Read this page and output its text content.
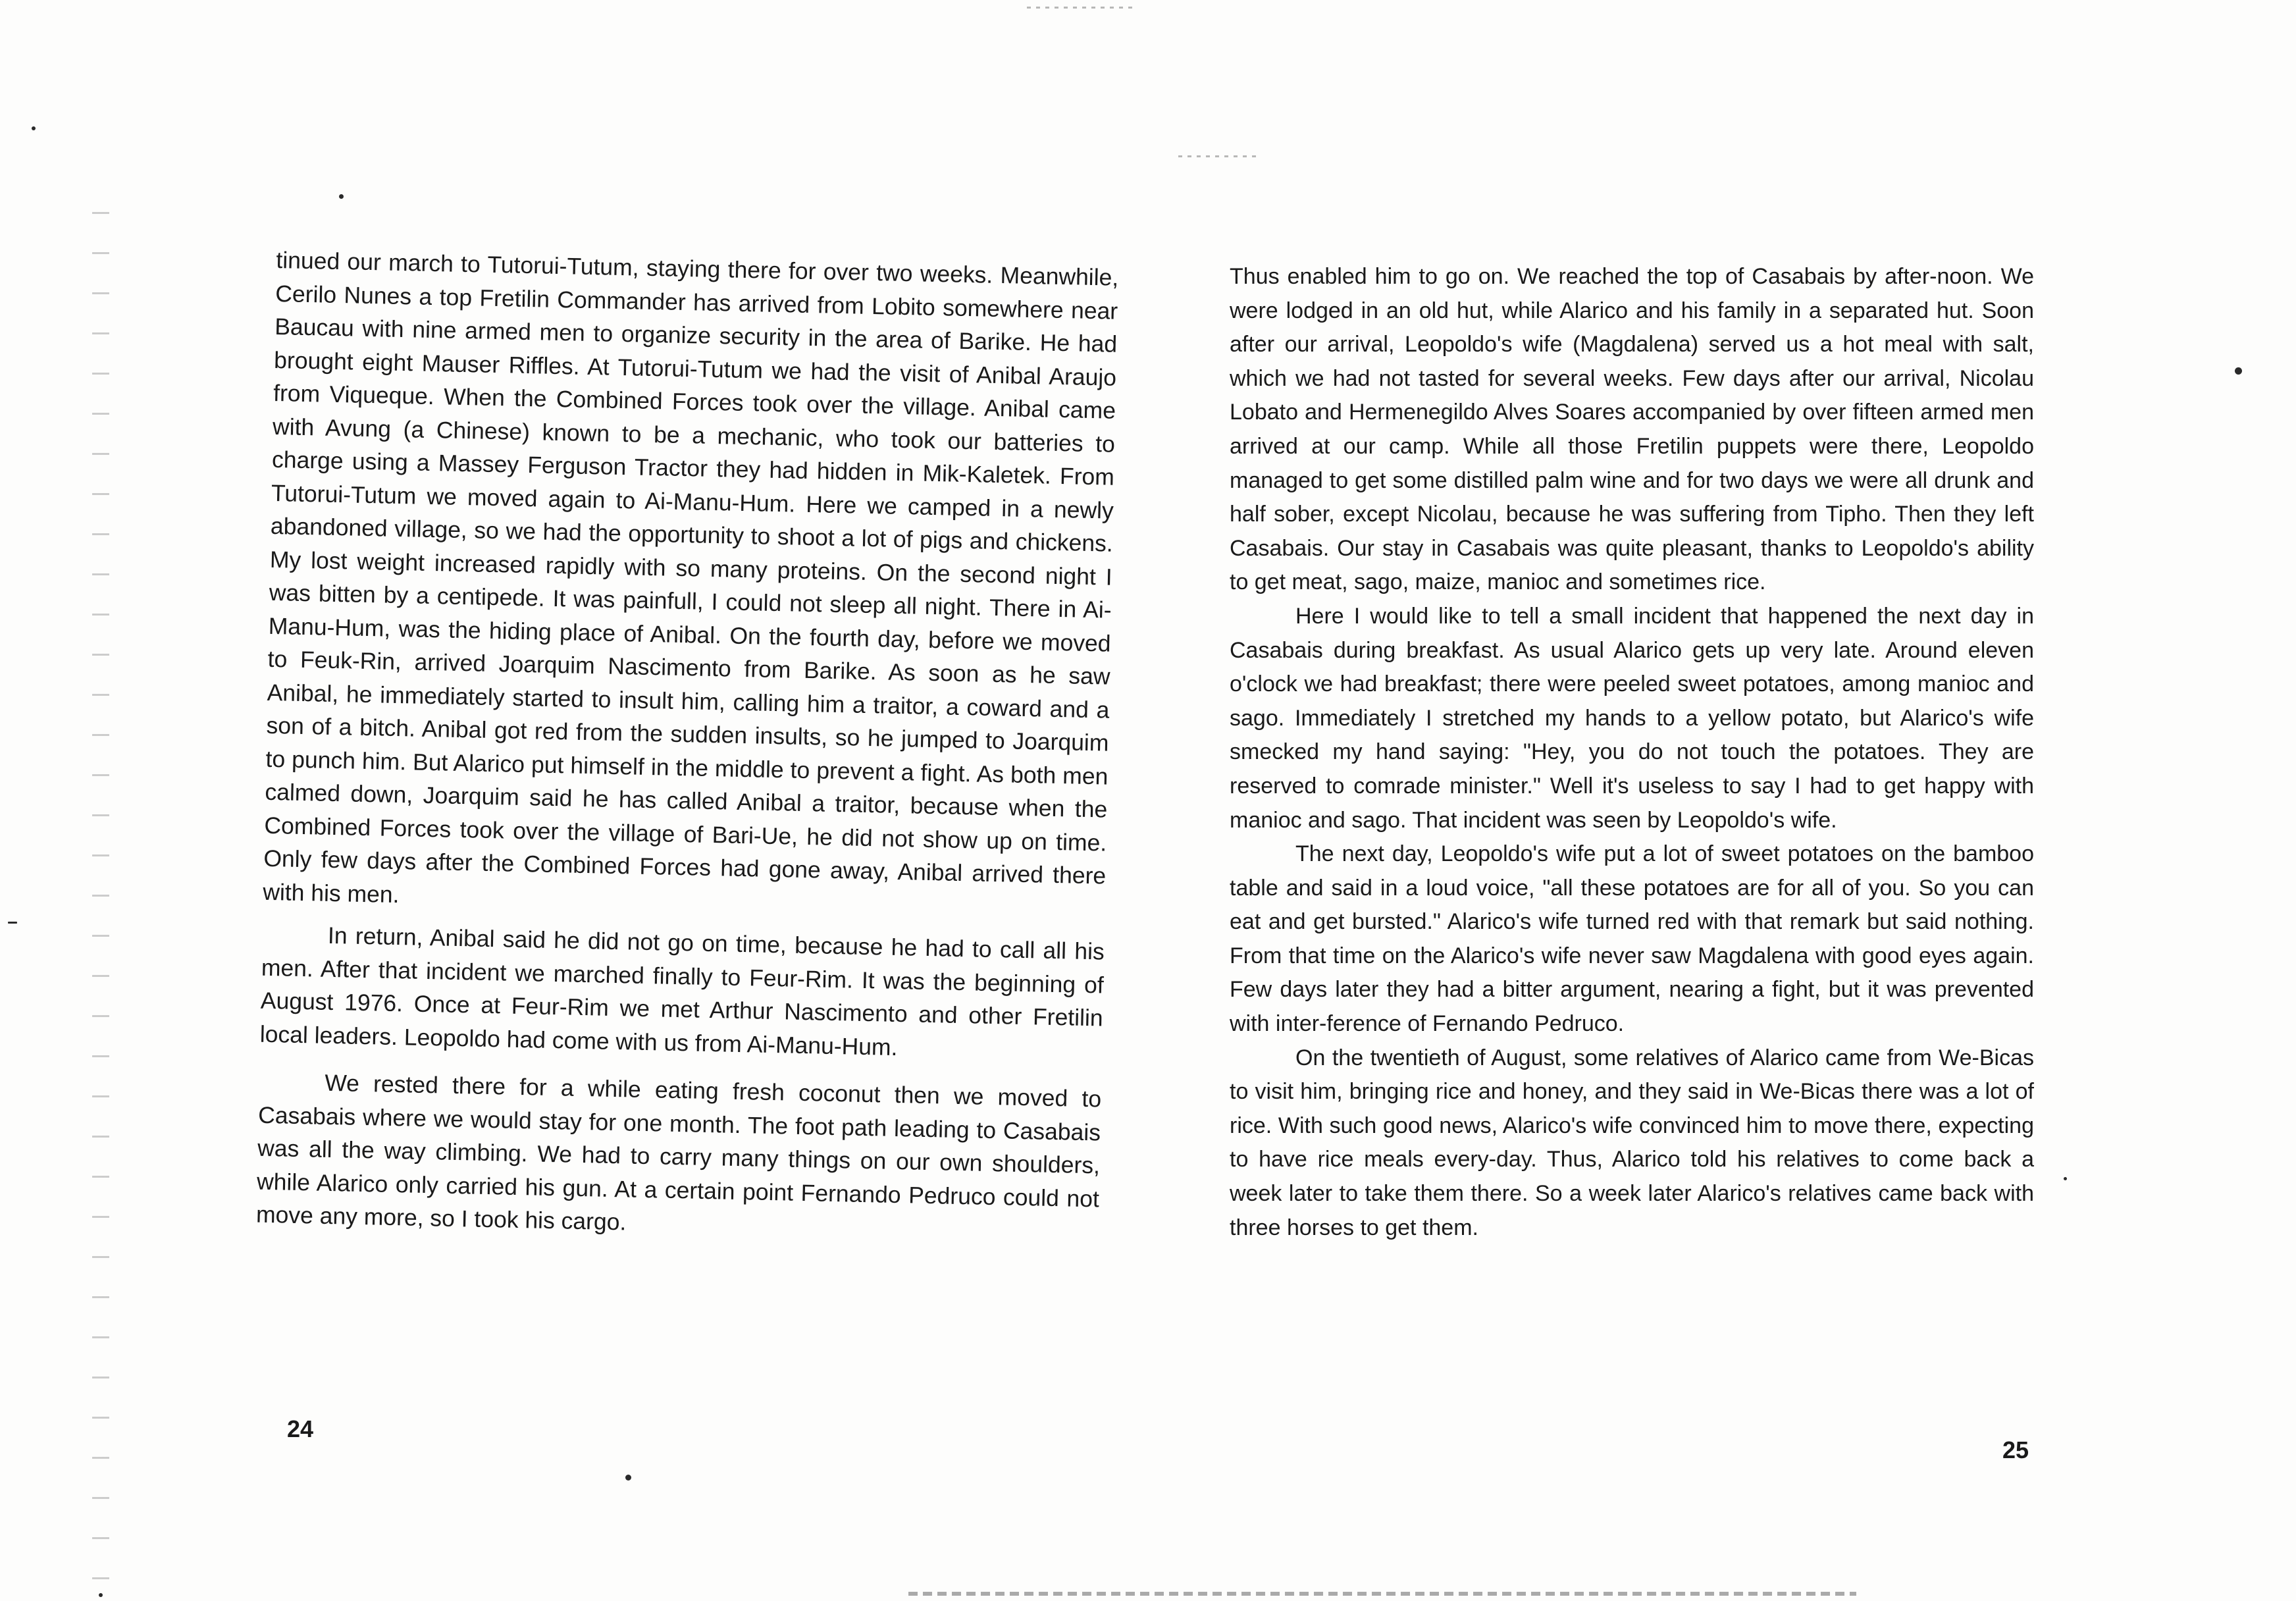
tinued our march to Tutorui-Tutum, staying there for over two weeks. Meanwhile, Cerilo Nunes a top Fretilin Commander has arrived from Lobito somewhere near Baucau with nine armed men to organize security in the area of Barike. He had brought eight Mauser Riffles. At Tutorui-Tutum we had the visit of Anibal Araujo from Viqueque. When the Combined Forces took over the village. Anibal came with Avung (a Chinese) known to be a mechanic, who took our batteries to charge using a Massey Ferguson Tractor they had hidden in Mik-Kaletek. From Tutorui-Tutum we moved again to Ai-Manu-Hum. Here we camped in a newly abandoned village, so we had the opportunity to shoot a lot of pigs and chickens. My lost weight increased rapidly with so many proteins. On the second night I was bitten by a centipede. It was painfull, I could not sleep all night. There in Ai-Manu-Hum, was the hiding place of Anibal. On the fourth day, before we moved to Feuk-Rin, arrived Joarquim Nascimento from Barike. As soon as he saw Anibal, he immediately started to insult him, calling him a traitor, a coward and a son of a bitch. Anibal got red from the sudden insults, so he jumped to Joarquim to punch him. But Alarico put himself in the middle to prevent a fight. As both men calmed down, Joarquim said he has called Anibal a traitor, because when the Combined Forces took over the village of Bari-Ue, he did not show up on time. Only few days after the Combined Forces had gone away, Anibal arrived there with his men.

In return, Anibal said he did not go on time, because he had to call all his men. After that incident we marched finally to Feur-Rim. It was the beginning of August 1976. Once at Feur-Rim we met Arthur Nascimento and other Fretilin local leaders. Leopoldo had come with us from Ai-Manu-Hum.

We rested there for a while eating fresh coconut then we moved to Casabais where we would stay for one month. The foot path leading to Casabais was all the way climbing. We had to carry many things on our own shoulders, while Alarico only carried his gun. At a certain point Fernando Pedruco could not move any more, so I took his cargo.

24

Thus enabled him to go on. We reached the top of Casabais by after-noon. We were lodged in an old hut, while Alarico and his family in a separated hut. Soon after our arrival, Leopoldo's wife (Magdalena) served us a hot meal with salt, which we had not tasted for several weeks. Few days after our arrival, Nicolau Lobato and Hermenegildo Alves Soares accompanied by over fifteen armed men arrived at our camp. While all those Fretilin puppets were there, Leopoldo managed to get some distilled palm wine and for two days we were all drunk and half sober, except Nicolau, because he was suffering from Tipho. Then they left Casabais. Our stay in Casabais was quite pleasant, thanks to Leopoldo's ability to get meat, sago, maize, manioc and sometimes rice.

Here I would like to tell a small incident that happened the next day in Casabais during breakfast. As usual Alarico gets up very late. Around eleven o'clock we had breakfast; there were peeled sweet potatoes, among manioc and sago. Immediately I stretched my hands to a yellow potato, but Alarico's wife smecked my hand saying: "Hey, you do not touch the potatoes. They are reserved to comrade minister." Well it's useless to say I had to get happy with manioc and sago. That incident was seen by Leopoldo's wife.

The next day, Leopoldo's wife put a lot of sweet potatoes on the bamboo table and said in a loud voice, "all these potatoes are for all of you. So you can eat and get bursted." Alarico's wife turned red with that remark but said nothing. From that time on the Alarico's wife never saw Magdalena with good eyes again. Few days later they had a bitter argument, nearing a fight, but it was prevented with inter-ference of Fernando Pedruco.

On the twentieth of August, some relatives of Alarico came from We-Bicas to visit him, bringing rice and honey, and they said in We-Bicas there was a lot of rice. With such good news, Alarico's wife convinced him to move there, expecting to have rice meals every-day. Thus, Alarico told his relatives to come back a week later to take them there. So a week later Alarico's relatives came back with three horses to get them.

25
